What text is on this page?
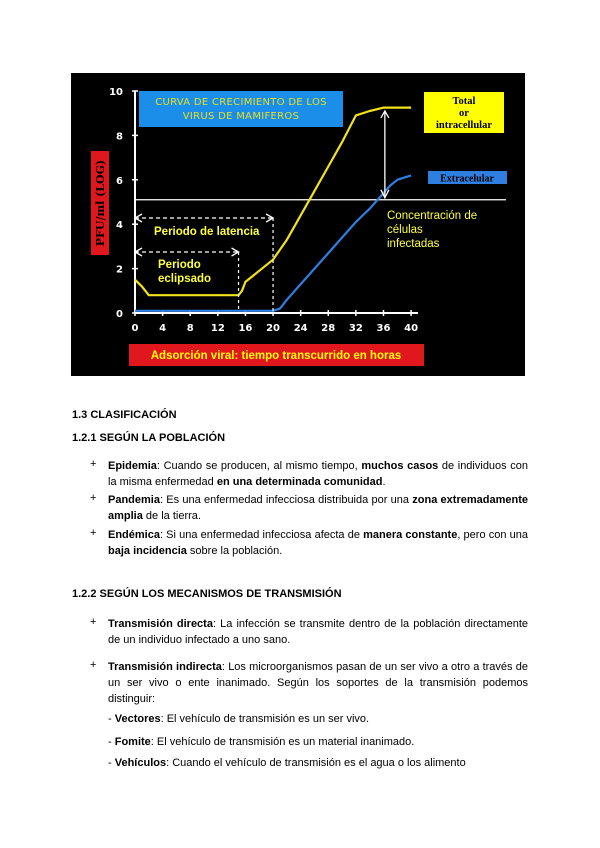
0
2
4
6
8
10
0 4 8 12 16 20 24 28 32 36 40
PFU/ml (LOG)	Periodo de latencia
Periodo
eclipsado
CURVA DE CRECIMIENTO DE LOS
VIRUS DE MAMIFEROS
Total
or
intracellular
Extracelular
Concentración de
células
infectadas
Adsorción viral: tiempo transcurrido en horas
1.3 CLASIFICACIÓN
1.2.1 SEGÚN LA POBLACIÓN
+ Epidemia: Cuando se producen, al mismo tiempo, muchos casos de individuos con la misma enfermedad en una determinada comunidad.
+ Pandemia: Es una enfermedad infecciosa distribuida por una zona extremadamente amplia de la tierra.
+ Endémica: Si una enfermedad infecciosa afecta de manera constante, pero con una baja incidencia sobre la población.
1.2.2 SEGÚN LOS MECANISMOS DE TRANSMISIÓN
+ Transmisión directa: La infección se transmite dentro de la población directamente de un individuo infectado a uno sano.
+ Transmisión indirecta: Los microorganismos pasan de un ser vivo a otro a través de un ser vivo o ente inanimado. Según los soportes de la transmisión podemos distinguir:
- Vectores: El vehículo de transmisión es un ser vivo.
- Fomite: El vehículo de transmisión es un material inanimado.
- Vehículos: Cuando el vehículo de transmisión es el agua o los alimento
